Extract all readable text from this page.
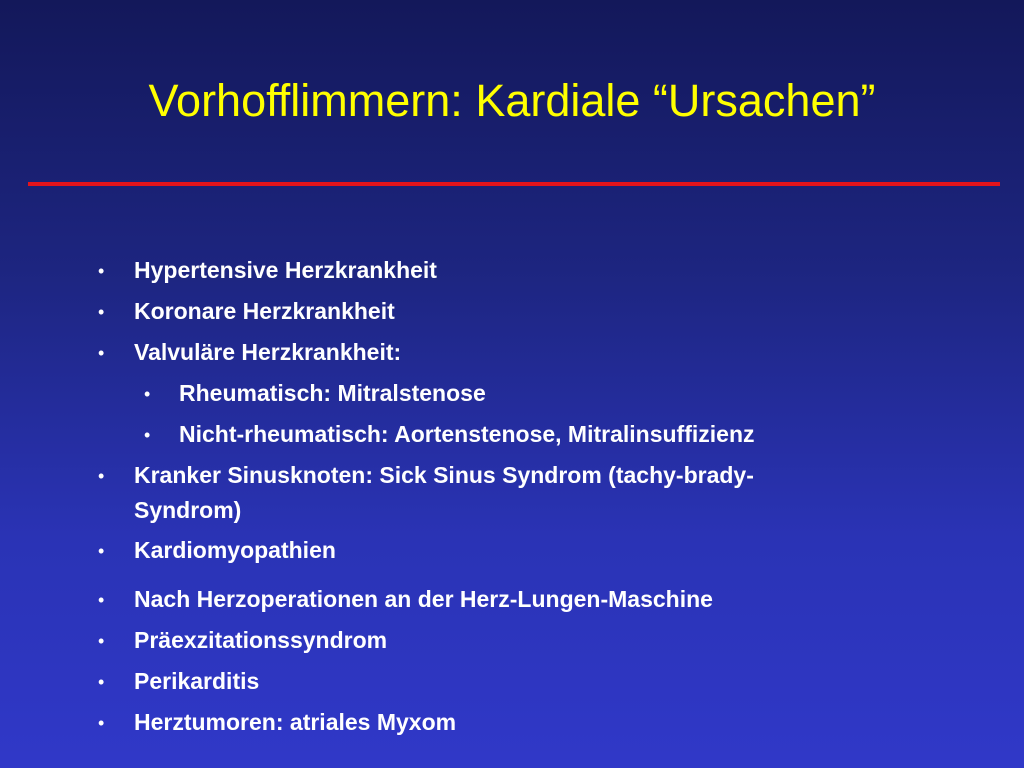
Vorhofflimmern: Kardiale “Ursachen”
• Hypertensive Herzkrankheit
• Koronare Herzkrankheit
• Valvuläre Herzkrankheit:
• Rheumatisch: Mitralstenose
• Nicht-rheumatisch: Aortenstenose, Mitralinsuffizienz
• Kranker Sinusknoten: Sick Sinus Syndrom (tachy-brady-
Syndrom)
• Kardiomyopathien
• Nach Herzoperationen an der Herz-Lungen-Maschine
• Präexzitationssyndrom
• Perikarditis
• Herztumoren: atriales Myxom
